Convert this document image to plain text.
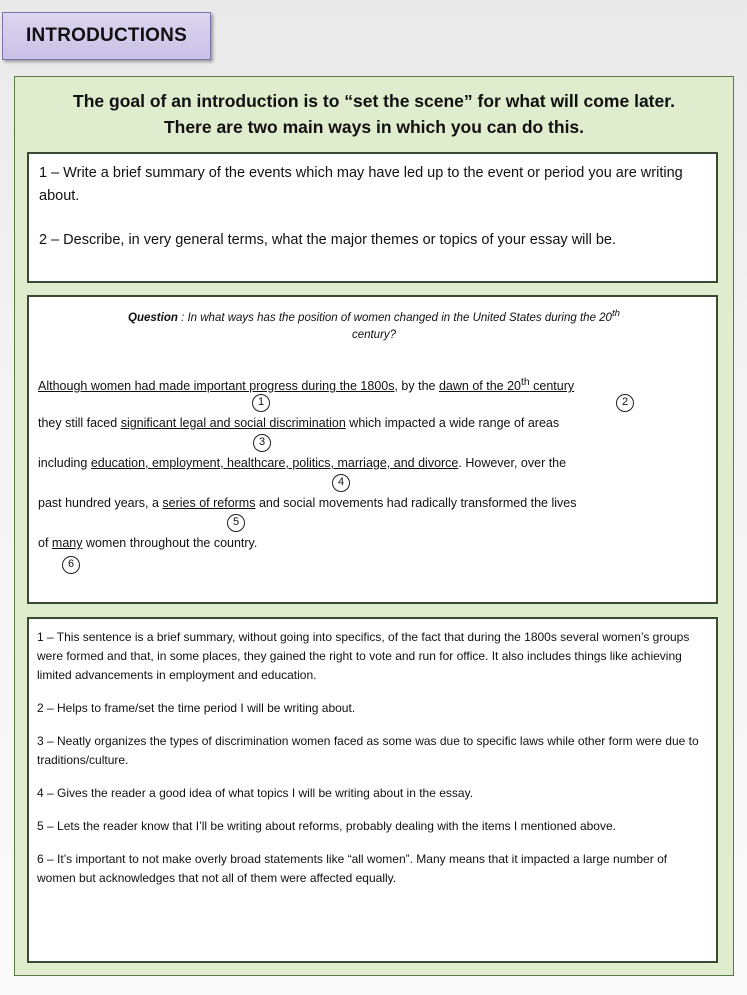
INTRODUCTIONS
The goal of an introduction is to “set the scene” for what will come later.
There are two main ways in which you can do this.

1 – Write a brief summary of the events which may have led up to the event or period you are writing about.

2 – Describe, in very general terms, what the major themes or topics of your essay will be.

Question : In what ways has the position of women changed in the United States during the 20th
century?
Although women had made important progress during the 1800s, by the dawn of the 20th century
they still faced significant legal and social discrimination which impacted a wide range of areas
including education, employment, healthcare, politics, marriage, and divorce. However, over the
past hundred years, a series of reforms and social movements had radically transformed the lives
of many women throughout the country.
1	2
3
4
5
6

1 – This sentence is a brief summary, without going into specifics, of the fact that during the 1800s several women’s groups were formed and that, in some places, they gained the right to vote and run for office. It also includes things like achieving limited advancements in employment and education.

2 – Helps to frame/set the time period I will be writing about.

3 – Neatly organizes the types of discrimination women faced as some was due to specific laws while other form were due to traditions/culture.

4 – Gives the reader a good idea of what topics I will be writing about in the essay.

5 – Lets the reader know that I’ll be writing about reforms, probably dealing with the items I mentioned above.

6 – It’s important to not make overly broad statements like “all women”. Many means that it impacted a large number of women but acknowledges that not all of them were affected equally.
